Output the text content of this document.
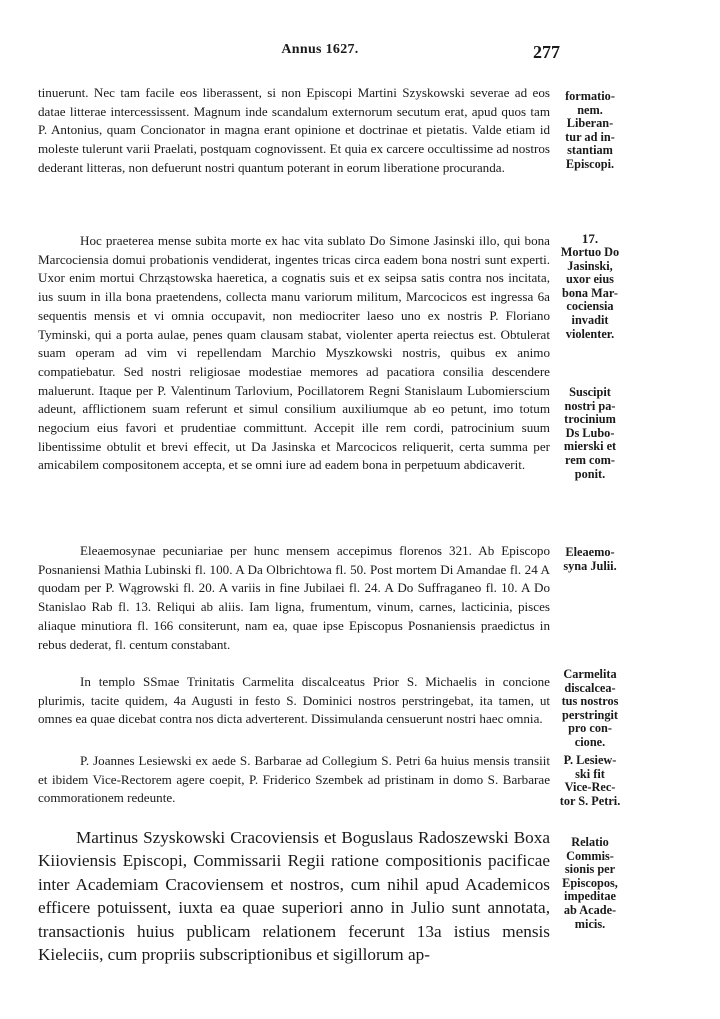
Annus 1627.	277

tinuerunt. Nec tam facile eos liberassent, si non Episcopi Martini Szyskowski severae ad eos datae litterae intercessissent. Magnum inde scandalum externorum secutum erat, apud quos tam P. Antonius, quam Concionator in magna erant opinione et doctrinae et pietatis. Valde etiam id moleste tulerunt varii Praelati, postquam cognovissent. Et quia ex carcere occultissime ad nostros dederant litteras, non defuerunt nostri quantum poterant in eorum liberatione procuranda.

Hoc praeterea mense subita morte ex hac vita sublato Do Simone Jasinski illo, qui bona Marcociensia domui probationis vendiderat, ingentes tricas circa eadem bona nostri sunt experti. Uxor enim mortui Chrząstowska haeretica, a cognatis suis et ex seipsa satis contra nos incitata, ius suum in illa bona praetendens, collecta manu variorum militum, Marcocicos est ingressa 6a sequentis mensis et vi omnia occupavit, non mediocriter laeso uno ex nostris P. Floriano Tyminski, qui a porta aulae, penes quam clausam stabat, violenter aperta reiectus est. Obtulerat suam operam ad vim vi repellendam Marchio Myszkowski nostris, quibus ex animo compatiebatur. Sed nostri religiosae modestiae memores ad pacatiora consilia descendere maluerunt. Itaque per P. Valentinum Tarlovium, Pocillatorem Regni Stanislaum Lubomierscium adeunt, afflictionem suam referunt et simul consilium auxiliumque ab eo petunt, imo totum negocium eius favori et prudentiae committunt. Accepit ille rem cordi, patrocinium suum libentissime obtulit et brevi effecit, ut Da Jasinska et Marcocicos reliquerit, certa summa per amicabilem compositonem accepta, et se omni iure ad eadem bona in perpetuum abdicaverit.

Eleaemosynae pecuniariae per hunc mensem accepimus florenos 321. Ab Episcopo Posnaniensi Mathia Lubinski fl. 100. A Da Olbrichtowa fl. 50. Post mortem Di Amandae fl. 24 A quodam per P. Wągrowski fl. 20. A variis in fine Jubilaei fl. 24. A Do Suffraganeo fl. 10. A Do Stanislao Rab fl. 13. Reliqui ab aliis. Iam ligna, frumentum, vinum, carnes, lacticinia, pisces aliaque minutiora fl. 166 consiterunt, nam ea, quae ipse Episcopus Posnaniensis praedictus in rebus dederat, fl. centum constabant.

In templo SSmae Trinitatis Carmelita discalceatus Prior S. Michaelis in concione plurimis, tacite quidem, 4a Augusti in festo S. Dominici nostros perstringebat, ita tamen, ut omnes ea quae dicebat contra nos dicta adverterent. Dissimulanda censuerunt nostri haec omnia.

P. Joannes Lesiewski ex aede S. Barbarae ad Collegium S. Petri 6a huius mensis transiit et ibidem Vice-Rectorem agere coepit, P. Friderico Szembek ad pristinam in domo S. Barbarae commorationem redeunte.

Martinus Szyskowski Cracoviensis et Boguslaus Radoszewski Boxa Kiioviensis Episcopi, Commissarii Regii ratione compositionis pacificae inter Academiam Cracoviensem et nostros, cum nihil apud Academicos efficere potuissent, iuxta ea quae superiori anno in Julio sunt annotata, transactionis huius publicam relationem fecerunt 13a istius mensis Kieleciis, cum propriis subscriptionibus et sigillorum ap-

formatio-
nem.
Liberan-
tur ad in-
stantiam
Episcopi.
17.
Mortuo Do
Jasinski,
uxor eius
bona Mar-
cociensia
invadit
violenter.
Suscipit
nostri pa-
trocinium
Ds Lubo-
mierski et
rem com-
ponit.
Eleaemo-
syna Julii.
Carmelita
discalcea-
tus nostros
perstringit
pro con-
cione.
P. Lesiew-
ski fit
Vice-Rec-
tor S. Petri.
Relatio
Commis-
sionis per
Episcopos,
impeditae
ab Acade-
micis.
